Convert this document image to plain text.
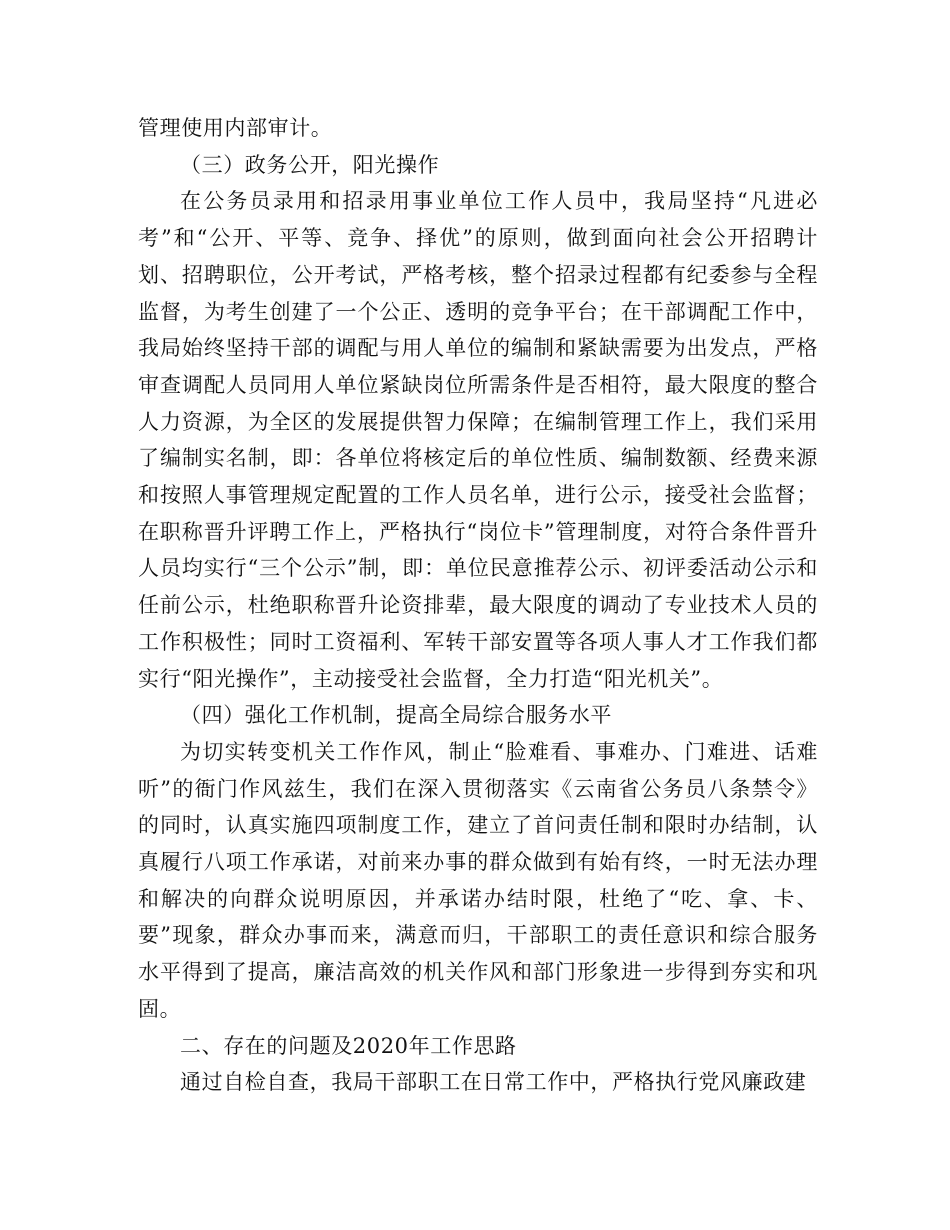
管理使用内部审计。

（三）政务公开，阳光操作

在公务员录用和招录用事业单位工作人员中，我局坚持“凡进必考”和“公开、平等、竞争、择优”的原则，做到面向社会公开招聘计划、招聘职位，公开考试，严格考核，整个招录过程都有纪委参与全程监督，为考生创建了一个公正、透明的竞争平台；在干部调配工作中，我局始终坚持干部的调配与用人单位的编制和紧缺需要为出发点，严格审查调配人员同用人单位紧缺岗位所需条件是否相符，最大限度的整合人力资源，为全区的发展提供智力保障；在编制管理工作上，我们采用了编制实名制，即：各单位将核定后的单位性质、编制数额、经费来源和按照人事管理规定配置的工作人员名单，进行公示，接受社会监督；在职称晋升评聘工作上，严格执行“岗位卡”管理制度，对符合条件晋升人员均实行“三个公示”制，即：单位民意推荐公示、初评委活动公示和任前公示，杜绝职称晋升论资排辈，最大限度的调动了专业技术人员的工作积极性；同时工资福利、军转干部安置等各项人事人才工作我们都实行“阳光操作”，主动接受社会监督，全力打造“阳光机关”。

（四）强化工作机制，提高全局综合服务水平

为切实转变机关工作作风，制止“脸难看、事难办、门难进、话难听”的衙门作风兹生，我们在深入贯彻落实《云南省公务员八条禁令》的同时，认真实施四项制度工作，建立了首问责任制和限时办结制，认真履行八项工作承诺，对前来办事的群众做到有始有终，一时无法办理和解决的向群众说明原因，并承诺办结时限，杜绝了“吃、拿、卡、要”现象，群众办事而来，满意而归，干部职工的责任意识和综合服务水平得到了提高，廉洁高效的机关作风和部门形象进一步得到夯实和巩固。

二、存在的问题及2020年工作思路

通过自检自查，我局干部职工在日常工作中，严格执行党风廉政建
